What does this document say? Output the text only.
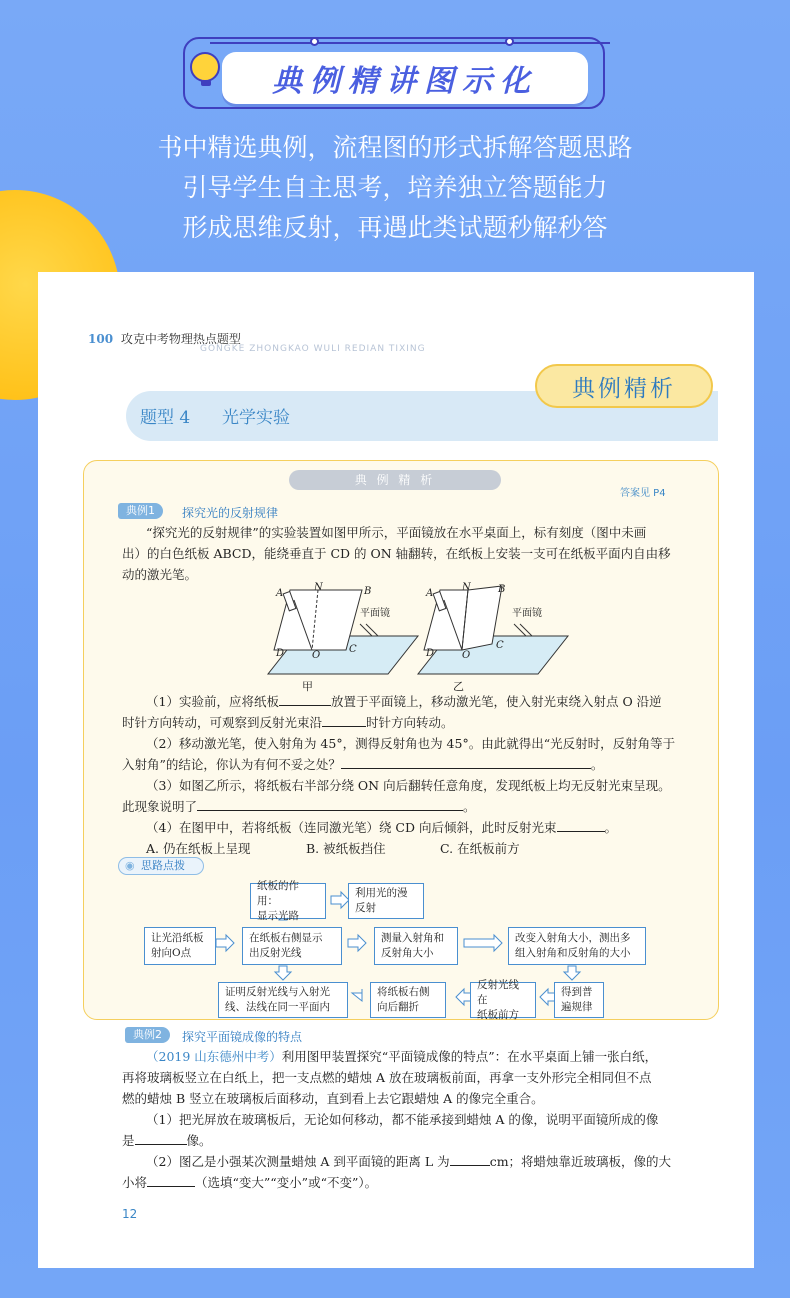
典例精讲图示化
书中精选典例，流程图的形式拆解答题思路
引导学生自主思考，培养独立答题能力
形成思维反射，再遇此类试题秒解秒答
100 攻克中考物理热点题型
GONGKE ZHONGKAO WULI REDIAN TIXING
题型 4 光学实验
典例精析
典 例 精 析
答案见 P4
典例1	探究光的反射规律
“探究光的反射规律”的实验装置如图甲所示，平面镜放在水平桌面上，标有刻度（图中未画
出）的白色纸板 ABCD，能绕垂直于 CD 的 ON 轴翻转，在纸板上安装一支可在纸板平面内自由移
动的激光笔。
A
N	B
D	O
C
平面镜
甲
A
N	B
D	O
C
平面镜
乙
（1）实验前，应将纸板	放置于平面镜上，移动激光笔，使入射光束绕入射点 O 沿逆
时针方向转动，可观察到反射光束沿	时针方向转动。
（2）移动激光笔，使入射角为 45°，测得反射角也为 45°。由此就得出“光反射时，反射角等于
入射角”的结论，你认为有何不妥之处？	。
（3）如图乙所示，将纸板右半部分绕 ON 向后翻转任意角度，发现纸板上均无反射光束呈现。
此现象说明了	。
（4）在图甲中，若将纸板（连同激光笔）绕 CD 向后倾斜，此时反射光束	。
A. 仍在纸板上呈现	B. 被纸板挡住	C. 在纸板前方
◉ 思路点拨
纸板的作用：
显示光路
利用光的漫
反射
让光沿纸板
射向O点
在纸板右侧显示
出反射光线
测量入射角和
反射角大小
改变入射角大小，测出多
组入射角和反射角的大小
证明反射光线与入射光
线、法线在同一平面内
将纸板右侧
向后翻折
反射光线在
纸板前方
得到普
遍规律
典例2	探究平面镜成像的特点
（2019 山东德州中考）利用图甲装置探究“平面镜成像的特点”：在水平桌面上铺一张白纸，
再将玻璃板竖立在白纸上，把一支点燃的蜡烛 A 放在玻璃板前面，再拿一支外形完全相同但不点
燃的蜡烛 B 竖立在玻璃板后面移动，直到看上去它跟蜡烛 A 的像完全重合。
（1）把光屏放在玻璃板后，无论如何移动，都不能承接到蜡烛 A 的像，说明平面镜所成的像
是	像。
（2）图乙是小强某次测量蜡烛 A 到平面镜的距离 L 为	cm；将蜡烛靠近玻璃板，像的大
小将	（选填“变大”“变小”或“不变”）。
12
